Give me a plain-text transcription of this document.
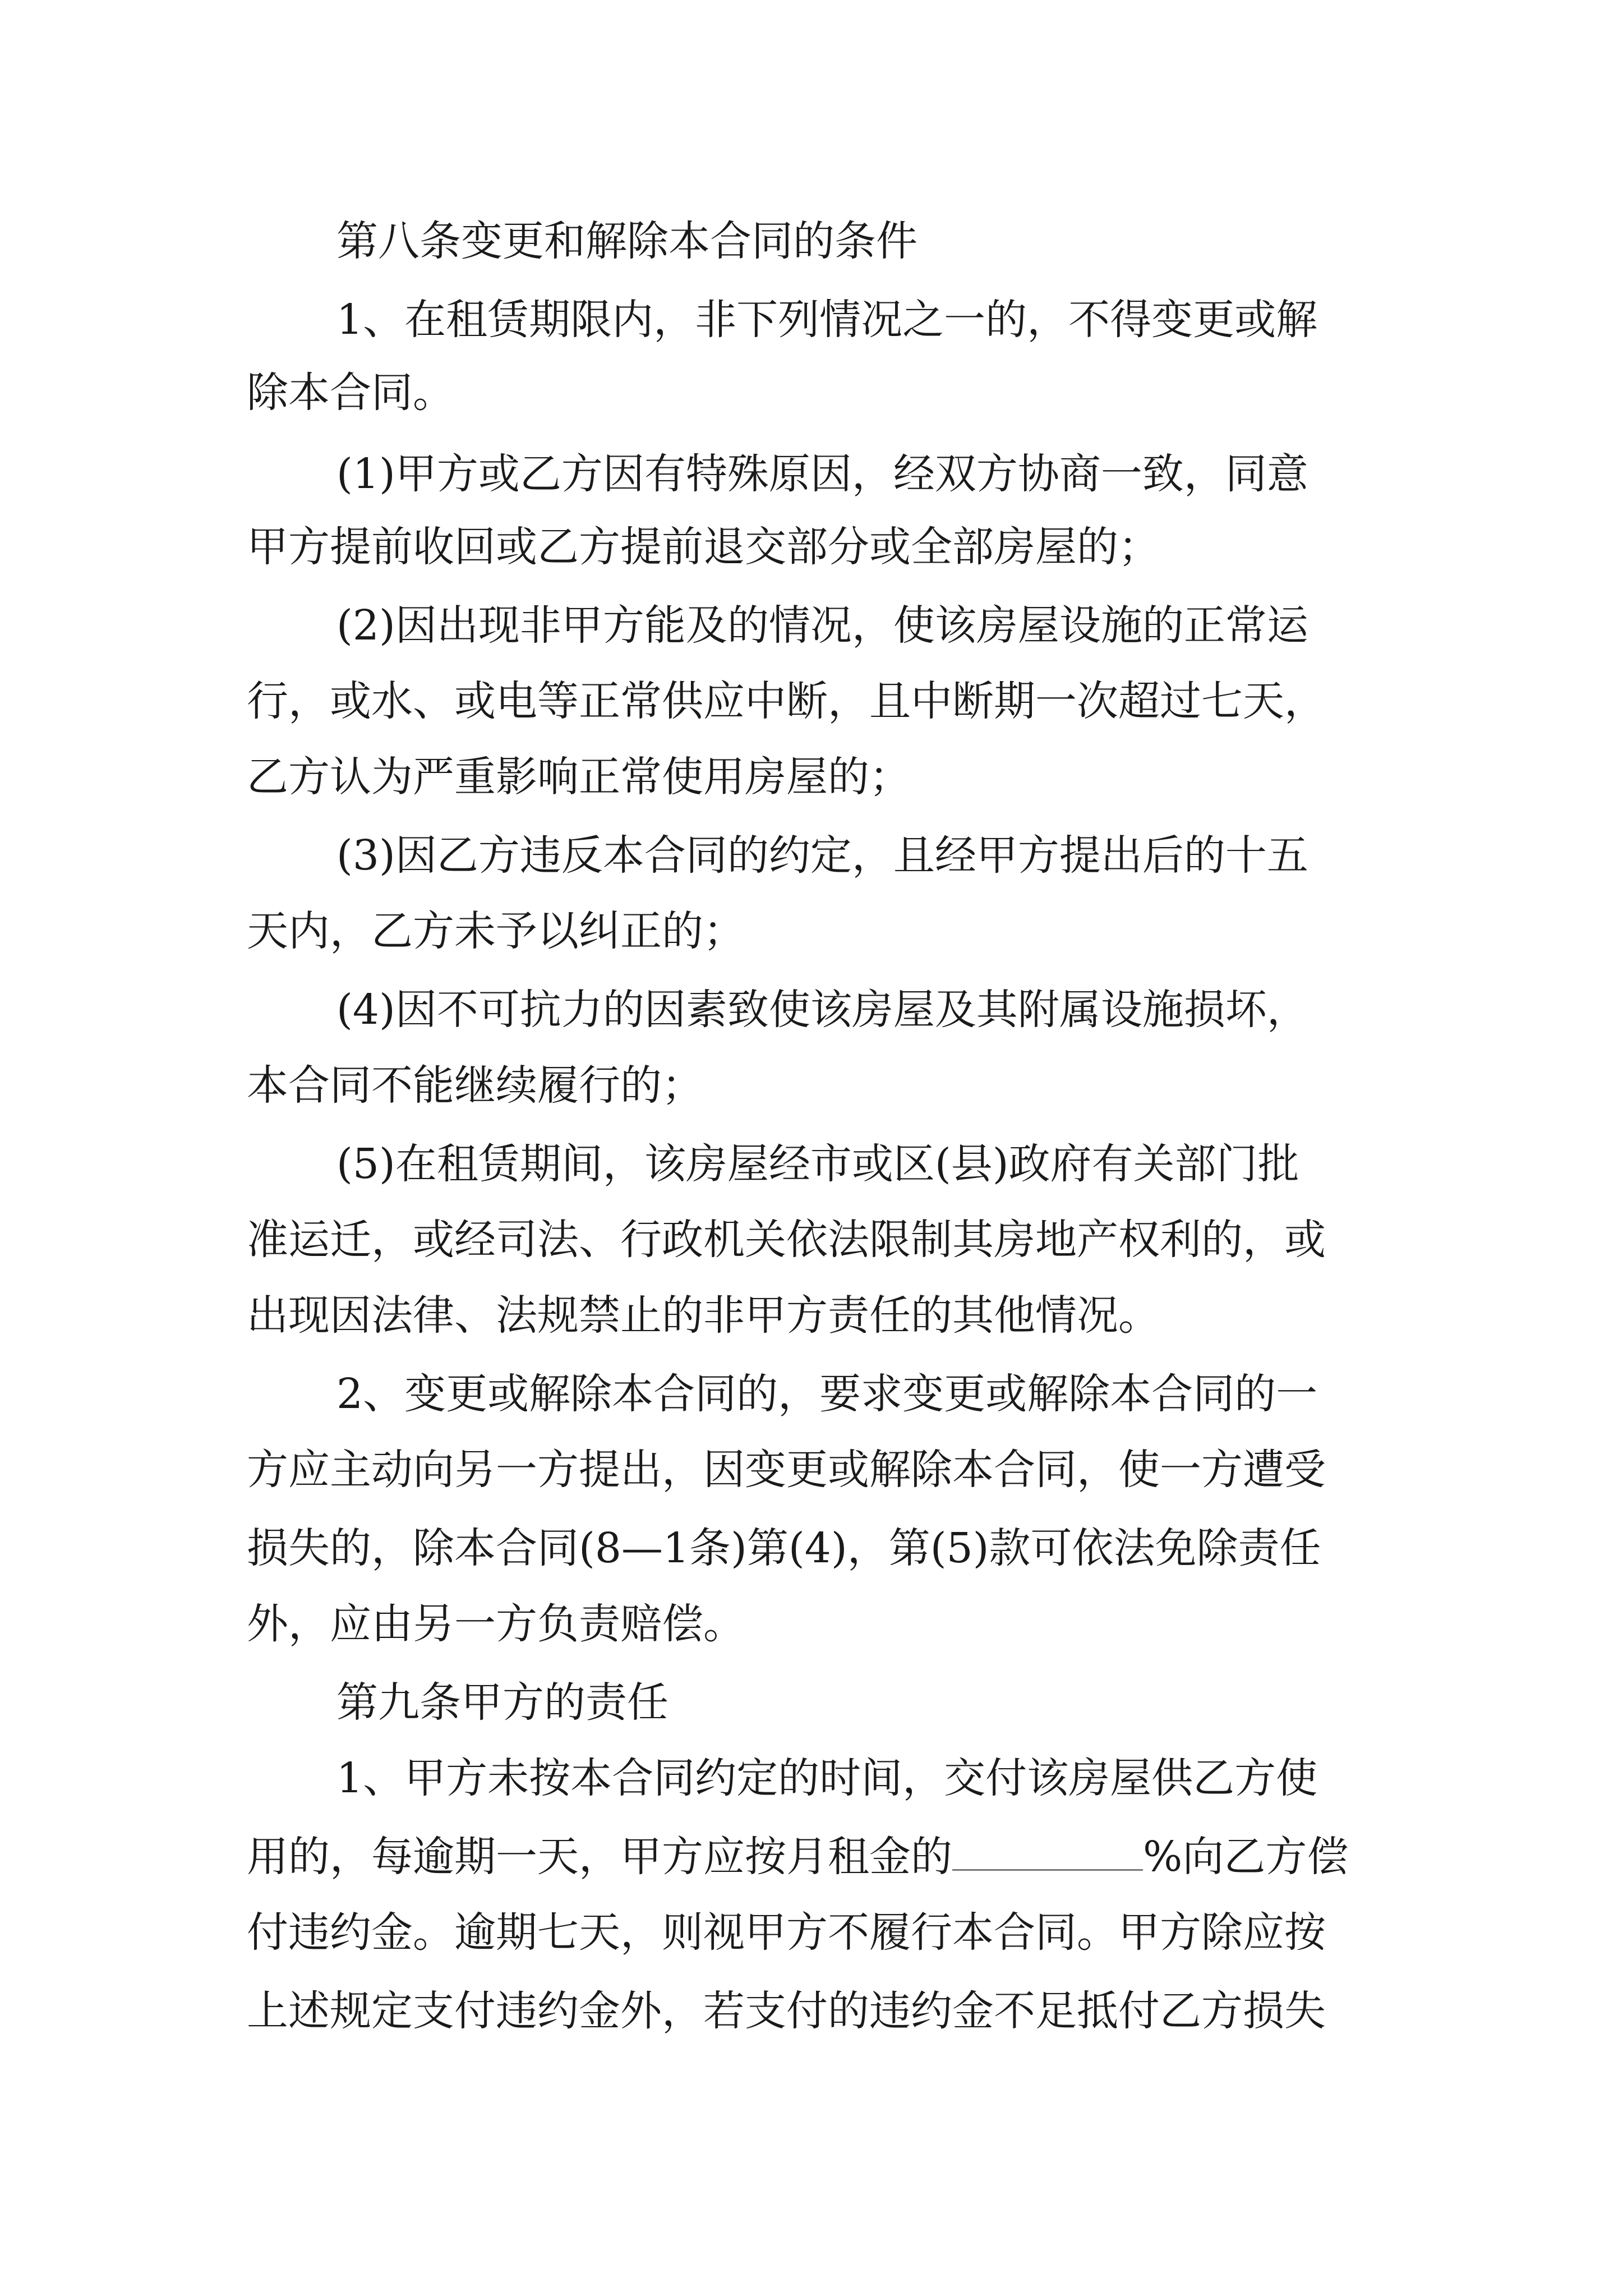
第八条变更和解除本合同的条件
1、在租赁期限内，非下列情况之一的，不得变更或解
除本合同。
(1)甲方或乙方因有特殊原因，经双方协商一致，同意
甲方提前收回或乙方提前退交部分或全部房屋的；
(2)因出现非甲方能及的情况，使该房屋设施的正常运
行，或水、或电等正常供应中断，且中断期一次超过七天，
乙方认为严重影响正常使用房屋的；
(3)因乙方违反本合同的约定，且经甲方提出后的十五
天内，乙方未予以纠正的；
(4)因不可抗力的因素致使该房屋及其附属设施损坏，
本合同不能继续履行的；
(5)在租赁期间，该房屋经市或区(县)政府有关部门批
准运迁，或经司法、行政机关依法限制其房地产权利的，或
出现因法律、法规禁止的非甲方责任的其他情况。
2、变更或解除本合同的，要求变更或解除本合同的一
方应主动向另一方提出，因变更或解除本合同，使一方遭受
损失的，除本合同(8—1条)第(4)，第(5)款可依法免除责任
外，应由另一方负责赔偿。
第九条甲方的责任
1、甲方未按本合同约定的时间，交付该房屋供乙方使
用的，每逾期一天，甲方应按月租金的	%向乙方偿
付违约金。逾期七天，则视甲方不履行本合同。甲方除应按
上述规定支付违约金外，若支付的违约金不足抵付乙方损失
